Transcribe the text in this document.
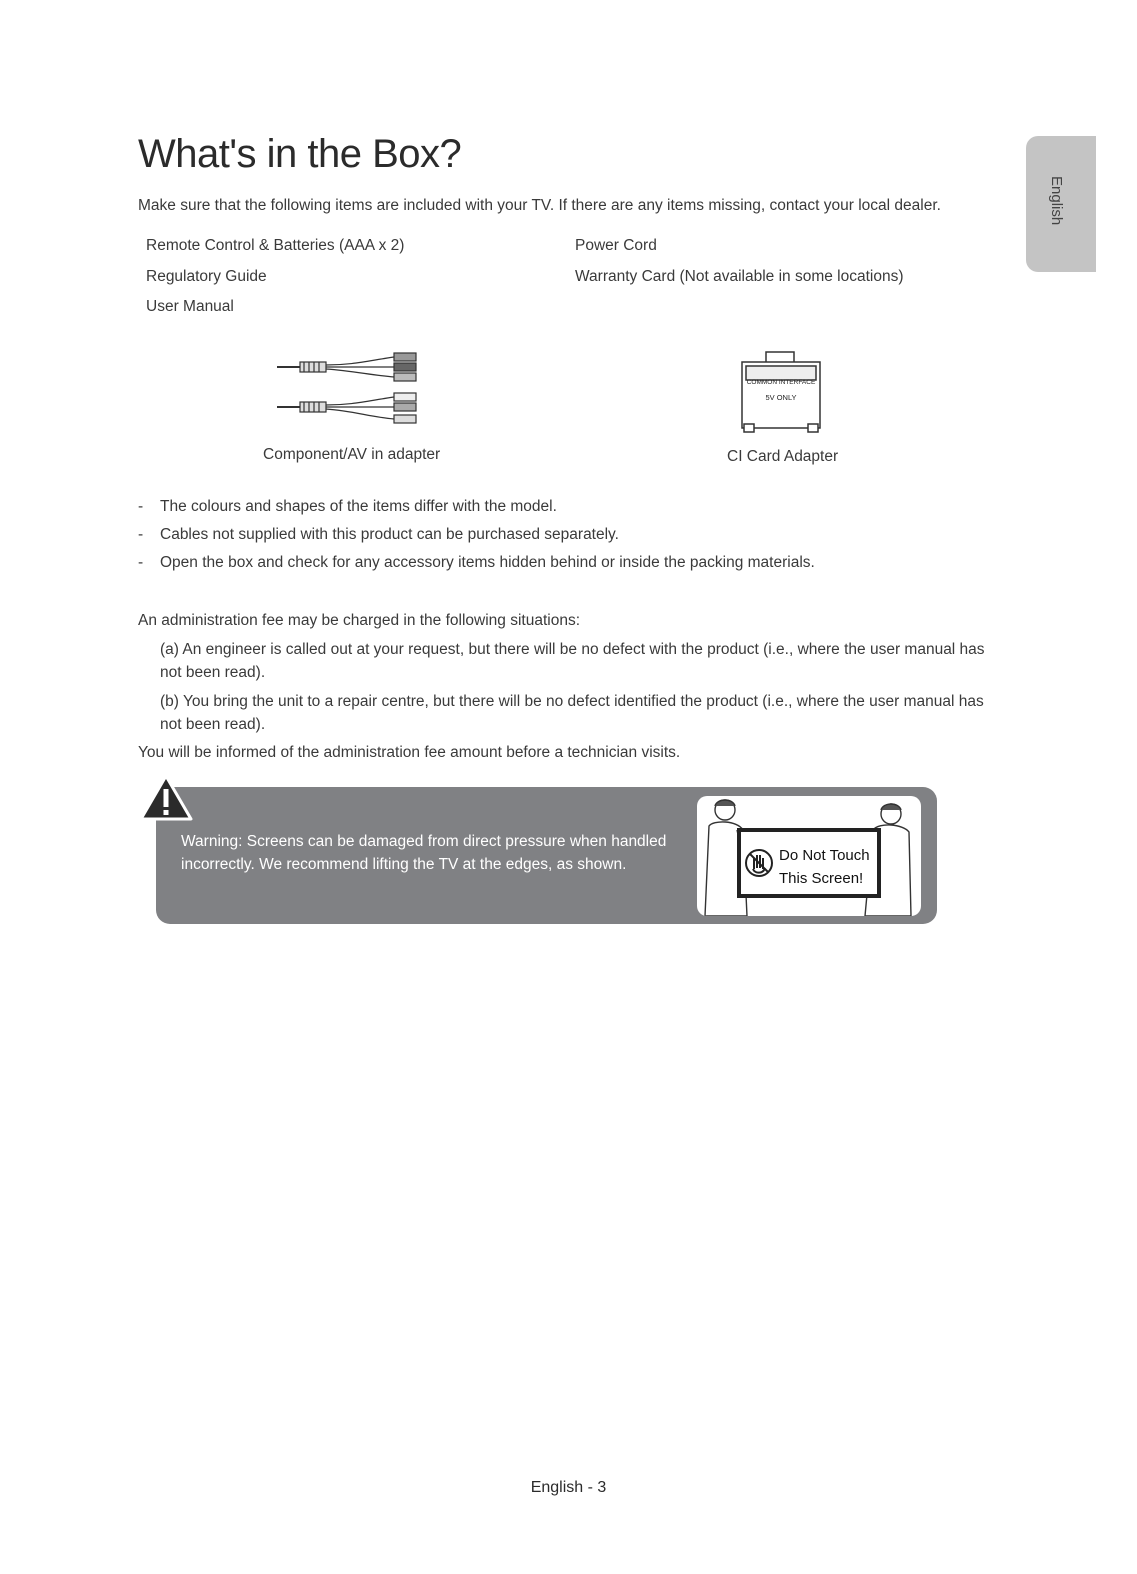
What's in the Box?
English
Make sure that the following items are included with your TV. If there are any items missing, contact your local dealer.
Remote Control & Batteries (AAA x 2)
Regulatory Guide
User Manual
Power Cord
Warranty Card (Not available in some locations)
Component/AV in adapter
COMMON INTERFACE
5V ONLY
CI Card Adapter
- The colours and shapes of the items differ with the model.
- Cables not supplied with this product can be purchased separately.
- Open the box and check for any accessory items hidden behind or inside the packing materials.
An administration fee may be charged in the following situations:
(a) An engineer is called out at your request, but there will be no defect with the product (i.e., where the user manual has not been read).
(b) You bring the unit to a repair centre, but there will be no defect identified the product (i.e., where the user manual has not been read).
You will be informed of the administration fee amount before a technician visits.
Warning: Screens can be damaged from direct pressure when handled incorrectly. We recommend lifting the TV at the edges, as shown.
Do Not Touch
This Screen!
English - 3
